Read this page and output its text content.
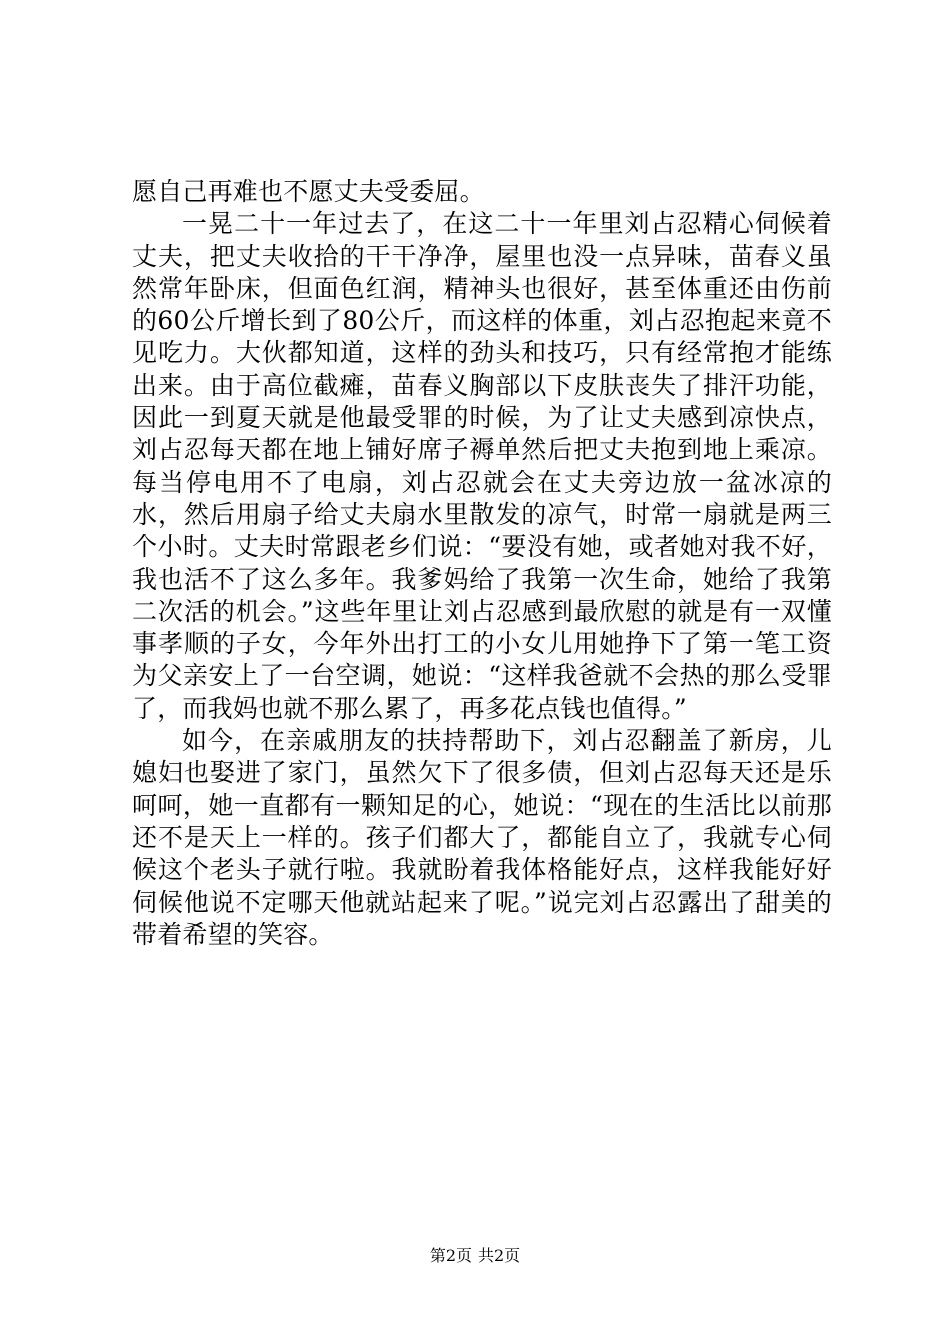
愿自己再难也不愿丈夫受委屈。

一晃二十一年过去了，在这二十一年里刘占忍精心伺候着丈夫，把丈夫收拾的干干净净，屋里也没一点异味，苗春义虽然常年卧床，但面色红润，精神头也很好，甚至体重还由伤前的60公斤增长到了80公斤，而这样的体重，刘占忍抱起来竟不见吃力。大伙都知道，这样的劲头和技巧，只有经常抱才能练出来。由于高位截瘫，苗春义胸部以下皮肤丧失了排汗功能，因此一到夏天就是他最受罪的时候，为了让丈夫感到凉快点，刘占忍每天都在地上铺好席子褥单然后把丈夫抱到地上乘凉。每当停电用不了电扇，刘占忍就会在丈夫旁边放一盆冰凉的水，然后用扇子给丈夫扇水里散发的凉气，时常一扇就是两三个小时。丈夫时常跟老乡们说：“要没有她，或者她对我不好，我也活不了这么多年。我爹妈给了我第一次生命，她给了我第二次活的机会。”这些年里让刘占忍感到最欣慰的就是有一双懂事孝顺的子女，今年外出打工的小女儿用她挣下了第一笔工资为父亲安上了一台空调，她说：“这样我爸就不会热的那么受罪了，而我妈也就不那么累了，再多花点钱也值得。”

如今，在亲戚朋友的扶持帮助下，刘占忍翻盖了新房，儿媳妇也娶进了家门，虽然欠下了很多债，但刘占忍每天还是乐呵呵，她一直都有一颗知足的心，她说：“现在的生活比以前那还不是天上一样的。孩子们都大了，都能自立了，我就专心伺候这个老头子就行啦。我就盼着我体格能好点，这样我能好好伺候他说不定哪天他就站起来了呢。”说完刘占忍露出了甜美的带着希望的笑容。

第2页 共2页
